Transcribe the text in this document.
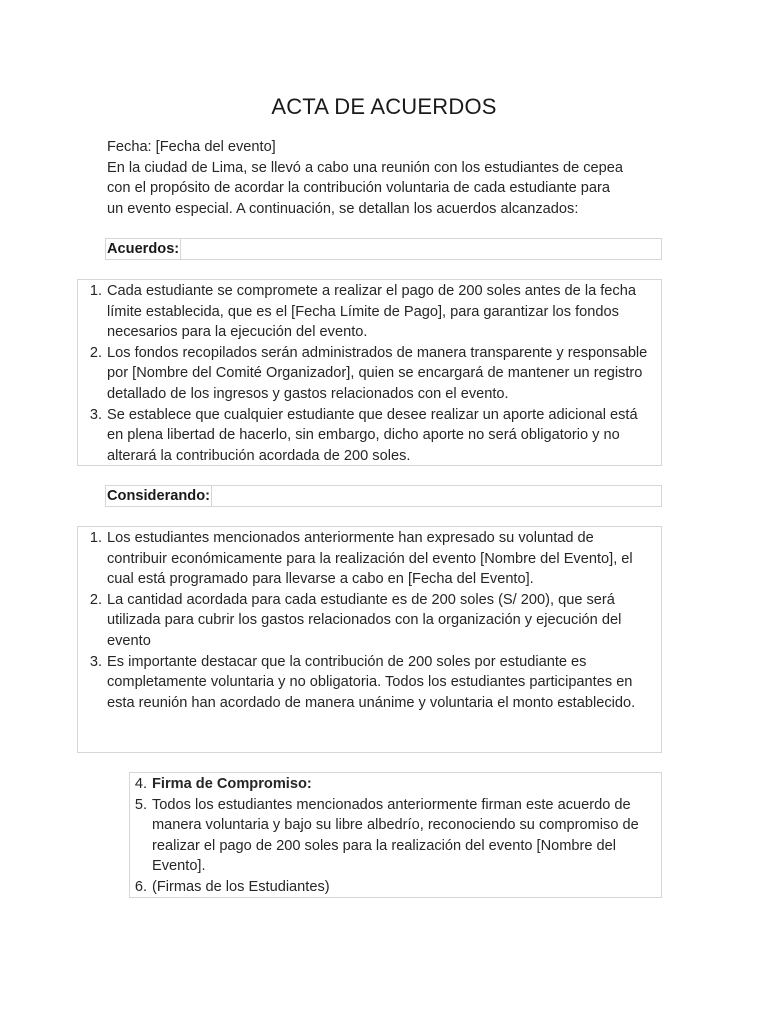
ACTA DE ACUERDOS

Fecha: [Fecha del evento]

En la ciudad de Lima, se llevó a cabo una reunión con los estudiantes de cepea

con el propósito de acordar la contribución voluntaria de cada estudiante para

un evento especial. A continuación, se detallan los acuerdos alcanzados:

Acuerdos:
1. Cada estudiante se compromete a realizar el pago de 200 soles antes de la fecha
límite establecida, que es el [Fecha Límite de Pago], para garantizar los fondos
necesarios para la ejecución del evento.
2. Los fondos recopilados serán administrados de manera transparente y responsable
por [Nombre del Comité Organizador], quien se encargará de mantener un registro
detallado de los ingresos y gastos relacionados con el evento.
3. Se establece que cualquier estudiante que desee realizar un aporte adicional está
en plena libertad de hacerlo, sin embargo, dicho aporte no será obligatorio y no
alterará la contribución acordada de 200 soles.
Considerando:
1. Los estudiantes mencionados anteriormente han expresado su voluntad de
contribuir económicamente para la realización del evento [Nombre del Evento], el
cual está programado para llevarse a cabo en [Fecha del Evento].
2. La cantidad acordada para cada estudiante es de 200 soles (S/ 200), que será
utilizada para cubrir los gastos relacionados con la organización y ejecución del
evento
3. Es importante destacar que la contribución de 200 soles por estudiante es
completamente voluntaria y no obligatoria. Todos los estudiantes participantes en
esta reunión han acordado de manera unánime y voluntaria el monto establecido.
4. Firma de Compromiso:
5. Todos los estudiantes mencionados anteriormente firman este acuerdo de
manera voluntaria y bajo su libre albedrío, reconociendo su compromiso de
realizar el pago de 200 soles para la realización del evento [Nombre del
Evento].
6. (Firmas de los Estudiantes)
